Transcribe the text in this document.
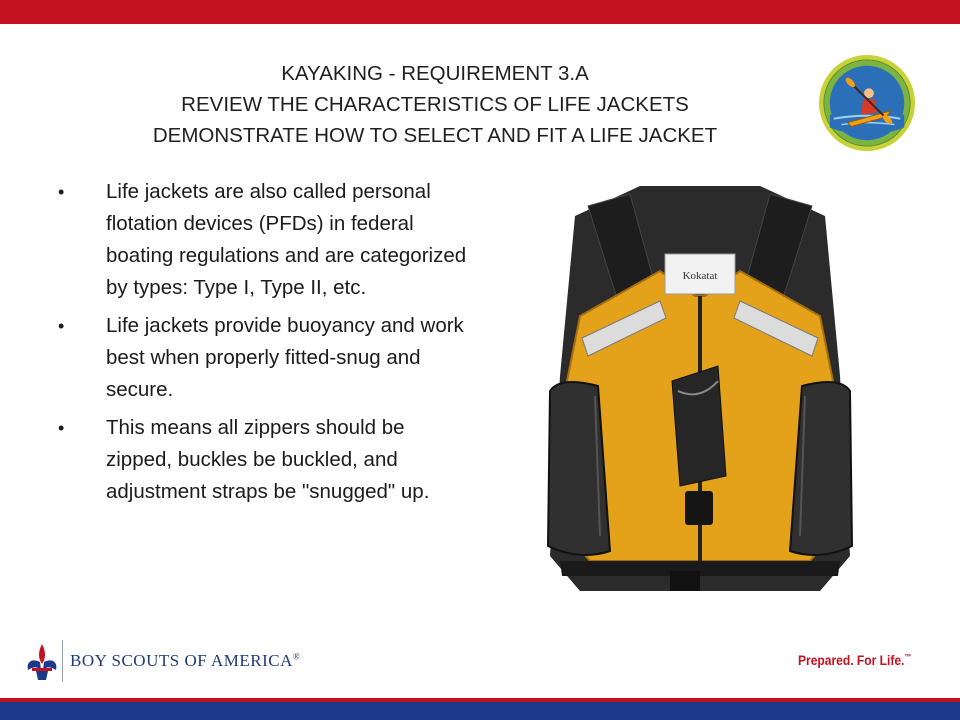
KAYAKING - REQUIREMENT 3.A
REVIEW THE CHARACTERISTICS OF LIFE JACKETS
DEMONSTRATE HOW TO SELECT AND FIT A LIFE JACKET
• Life jackets are also called personal flotation devices (PFDs) in federal boating regulations and are categorized by types: Type I, Type II, etc.
• Life jackets provide buoyancy and work best when properly fitted-snug and secure.
• This means all zippers should be zipped, buckles be buckled, and adjustment straps be "snugged" up.
Kokatat
BOY SCOUTS OF AMERICA®	Prepared. For Life.™
